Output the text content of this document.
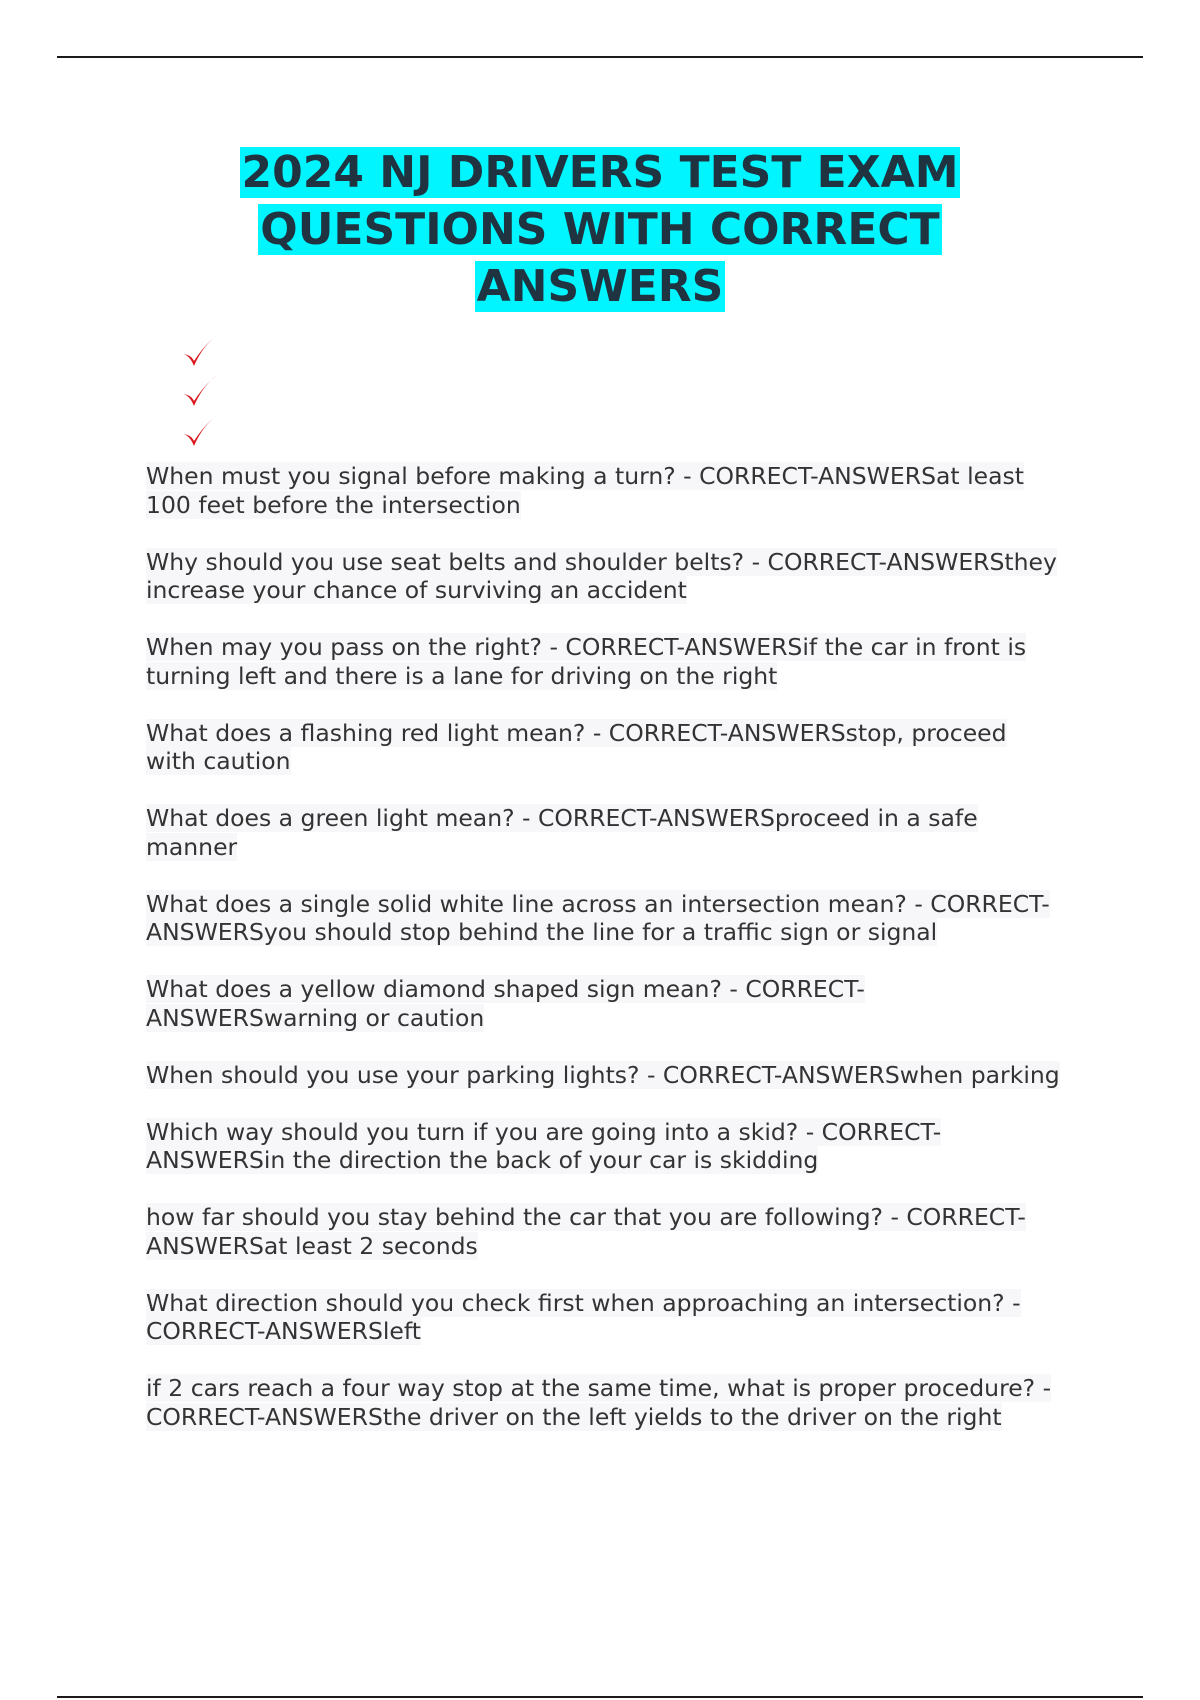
2024 NJ DRIVERS TEST EXAM
QUESTIONS WITH CORRECT
ANSWERS
When must you signal before making a turn? - CORRECT-ANSWERSat least
100 feet before the intersection
Why should you use seat belts and shoulder belts? - CORRECT-ANSWERSthey
increase your chance of surviving an accident
When may you pass on the right? - CORRECT-ANSWERSif the car in front is
turning left and there is a lane for driving on the right
What does a flashing red light mean? - CORRECT-ANSWERSstop, proceed
with caution
What does a green light mean? - CORRECT-ANSWERSproceed in a safe
manner
What does a single solid white line across an intersection mean? - CORRECT-
ANSWERSyou should stop behind the line for a traffic sign or signal
What does a yellow diamond shaped sign mean? - CORRECT-
ANSWERSwarning or caution
When should you use your parking lights? - CORRECT-ANSWERSwhen parking
Which way should you turn if you are going into a skid? - CORRECT-
ANSWERSin the direction the back of your car is skidding
how far should you stay behind the car that you are following? - CORRECT-
ANSWERSat least 2 seconds
What direction should you check first when approaching an intersection? -
CORRECT-ANSWERSleft
if 2 cars reach a four way stop at the same time, what is proper procedure? -
CORRECT-ANSWERSthe driver on the left yields to the driver on the right
